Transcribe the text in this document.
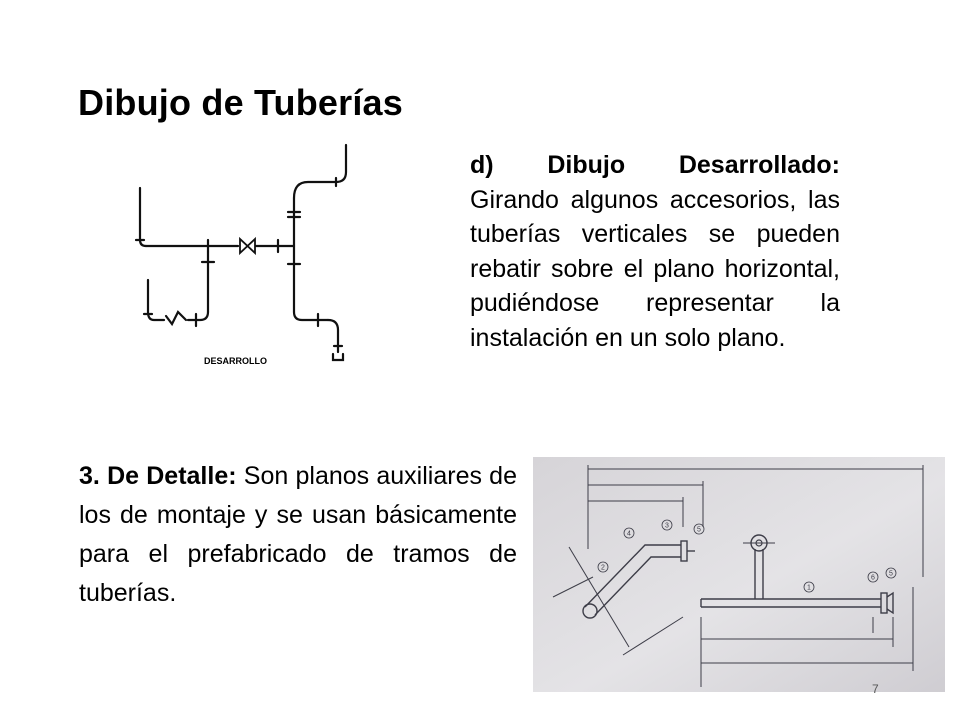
Dibujo de Tuberías
DESARROLLO

d) Dibujo Desarrollado: Girando algunos accesorios, las tuberías verticales se pueden rebatir sobre el plano horizontal, pudiéndose representar la instalación en un solo plano.

3. De Detalle: Son planos auxiliares de los de montaje y se usan básicamente para el prefabricado de tramos de tuberías.

4
3
5
2
1
6
5
7
